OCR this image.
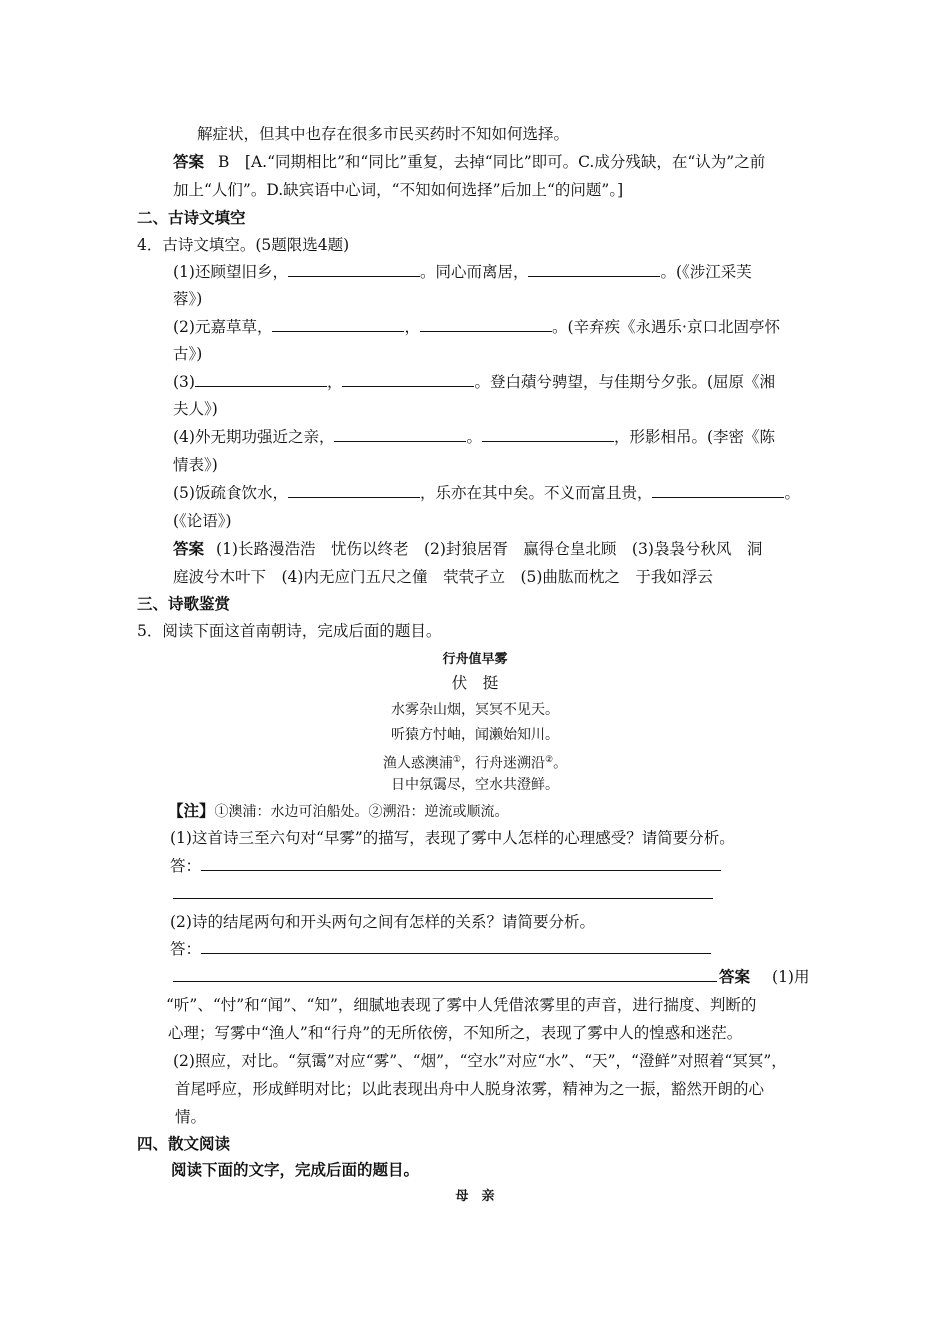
解症状，但其中也存在很多市民买药时不知如何选择。
答案 B　[A.“同期相比”和“同比”重复，去掉“同比”即可。C.成分残缺，在“认为”之前
加上“人们”。D.缺宾语中心词，“不知如何选择”后加上“的问题”。]
二、古诗文填空
4．古诗文填空。(5题限选4题)
(1)还顾望旧乡，	。同心而离居，	。(《涉江采芙
蓉》)
(2)元嘉草草，	，	。(辛弃疾《永遇乐·京口北固亭怀
古》)
(3)	，	。登白薠兮骋望，与佳期兮夕张。(屈原《湘
夫人》)
(4)外无期功强近之亲，	。	，形影相吊。(李密《陈
情表》)
(5)饭疏食饮水，	，乐亦在其中矣。不义而富且贵，	。
(《论语》)
答案 (1)长路漫浩浩　忧伤以终老　(2)封狼居胥　赢得仓皇北顾　(3)袅袅兮秋风　洞
庭波兮木叶下　(4)内无应门五尺之僮　茕茕孑立　(5)曲肱而枕之　于我如浮云
三、诗歌鉴赏
5．阅读下面这首南朝诗，完成后面的题目。
行舟值早雾
伏　挺
水雾杂山烟，冥冥不见天。
听猿方忖岫，闻濑始知川。
渔人惑澳浦①，行舟迷溯沿②。
日中氛霭尽，空水共澄鲜。
【注】①澳浦：水边可泊船处。②溯沿：逆流或顺流。
(1)这首诗三至六句对“早雾”的描写，表现了雾中人怎样的心理感受？请简要分析。
答：
(2)诗的结尾两句和开头两句之间有怎样的关系？请简要分析。
答：
答案 (1)用
“听”、“忖”和“闻”、“知”，细腻地表现了雾中人凭借浓雾里的声音，进行揣度、判断的
心理；写雾中“渔人”和“行舟”的无所依傍，不知所之，表现了雾中人的惶惑和迷茫。
(2)照应，对比。“氛霭”对应“雾”、“烟”，“空水”对应“水”、“天”，“澄鲜”对照着“冥冥”，
首尾呼应，形成鲜明对比；以此表现出舟中人脱身浓雾，精神为之一振，豁然开朗的心
情。
四、散文阅读
阅读下面的文字，完成后面的题目。
母　亲
